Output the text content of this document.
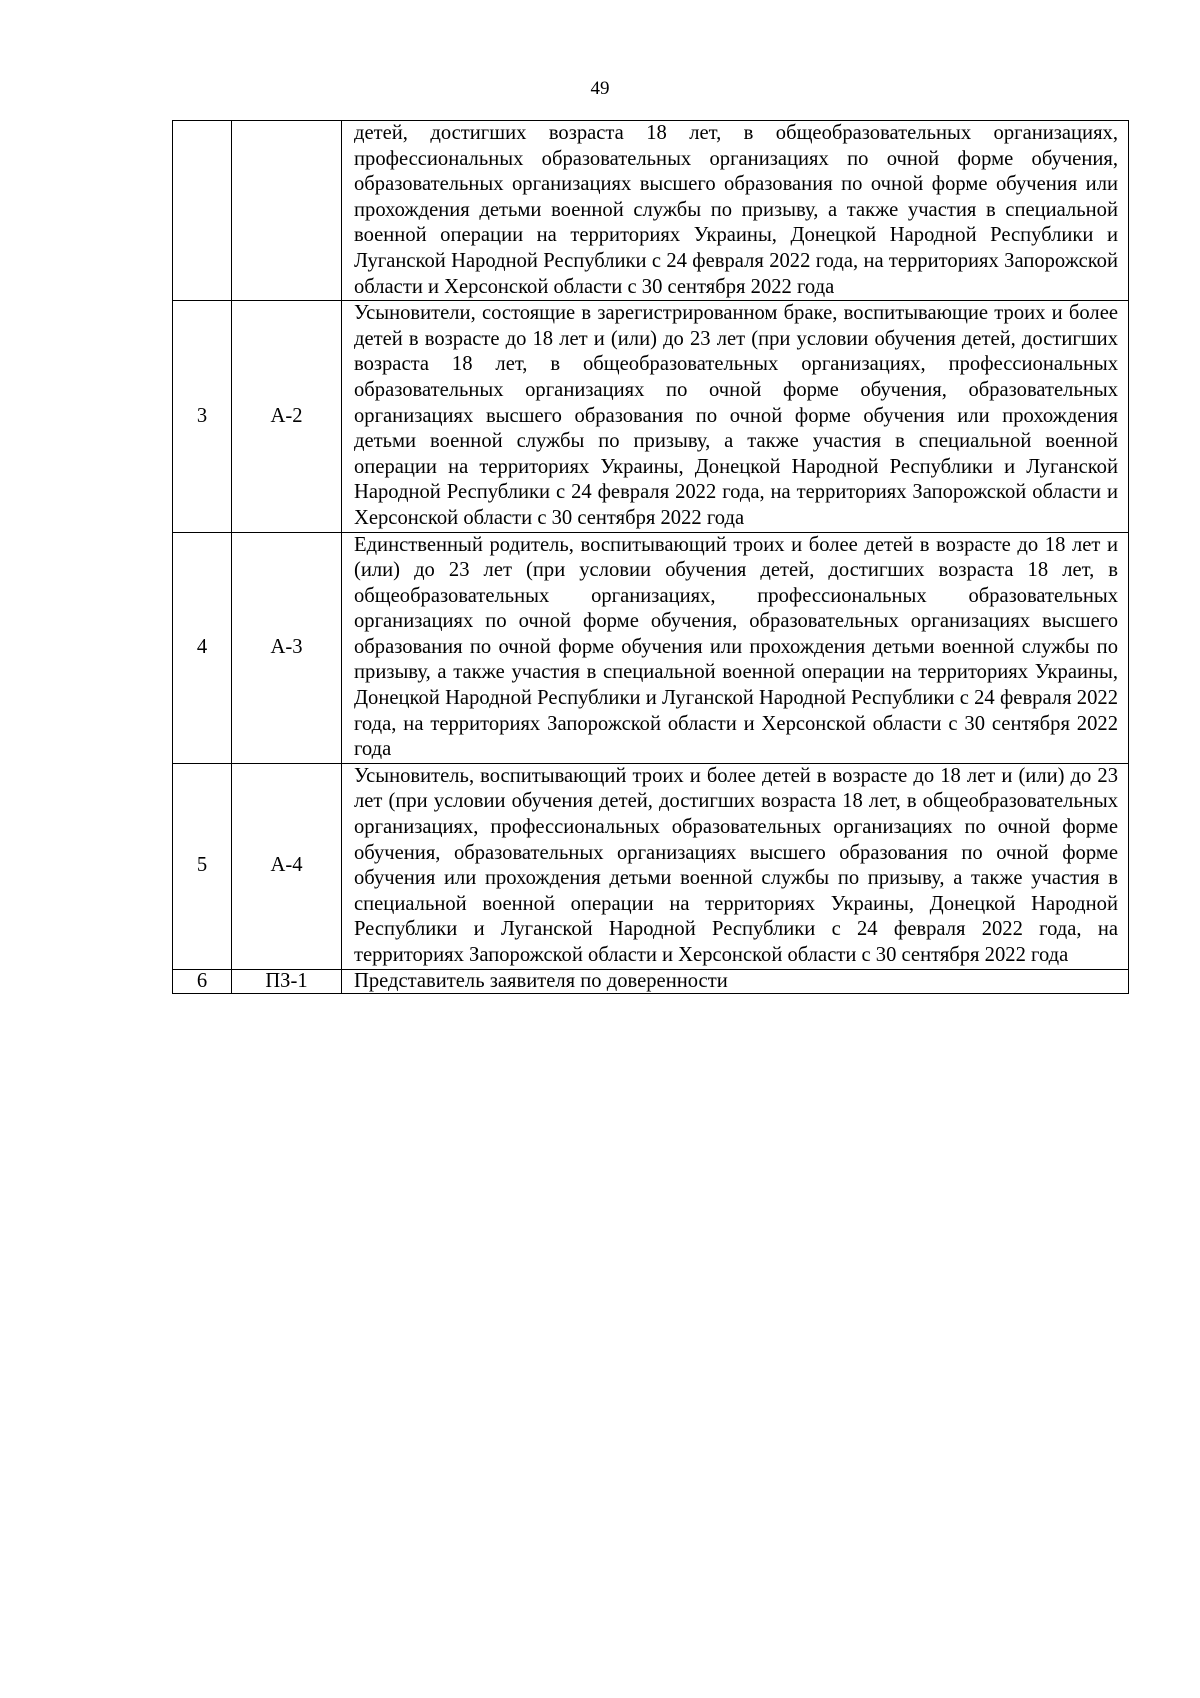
49
		детей, достигших возраста 18 лет, в общеобразовательных организациях, профессиональных образовательных организациях по очной форме обучения, образовательных организациях высшего образования по очной форме обучения или прохождения детьми военной службы по призыву, а также участия в специальной военной операции на территориях Украины, Донецкой Народной Республики и Луганской Народной Республики с 24 февраля 2022 года, на территориях Запорожской области и Херсонской области с 30 сентября 2022 года
3	А-2	Усыновители, состоящие в зарегистрированном браке, воспитывающие троих и более детей в возрасте до 18 лет и (или) до 23 лет (при условии обучения детей, достигших возраста 18 лет, в общеобразовательных организациях, профессиональных образовательных организациях по очной форме обучения, образовательных организациях высшего образования по очной форме обучения или прохождения детьми военной службы по призыву, а также участия в специальной военной операции на территориях Украины, Донецкой Народной Республики и Луганской Народной Республики с 24 февраля 2022 года, на территориях Запорожской области и Херсонской области с 30 сентября 2022 года
4	А-3	Единственный родитель, воспитывающий троих и более детей в возрасте до 18 лет и (или) до 23 лет (при условии обучения детей, достигших возраста 18 лет, в общеобразовательных организациях, профессиональных образовательных организациях по очной форме обучения, образовательных организациях высшего образования по очной форме обучения или прохождения детьми военной службы по призыву, а также участия в специальной военной операции на территориях Украины, Донецкой Народной Республики и Луганской Народной Республики с 24 февраля 2022 года, на территориях Запорожской области и Херсонской области с 30 сентября 2022 года
5	А-4	Усыновитель, воспитывающий троих и более детей в возрасте до 18 лет и (или) до 23 лет (при условии обучения детей, достигших возраста 18 лет, в общеобразовательных организациях, профессиональных образовательных организациях по очной форме обучения, образовательных организациях высшего образования по очной форме обучения или прохождения детьми военной службы по призыву, а также участия в специальной военной операции на территориях Украины, Донецкой Народной Республики и Луганской Народной Республики с 24 февраля 2022 года, на территориях Запорожской области и Херсонской области с 30 сентября 2022 года
6	ПЗ-1	Представитель заявителя по доверенности
